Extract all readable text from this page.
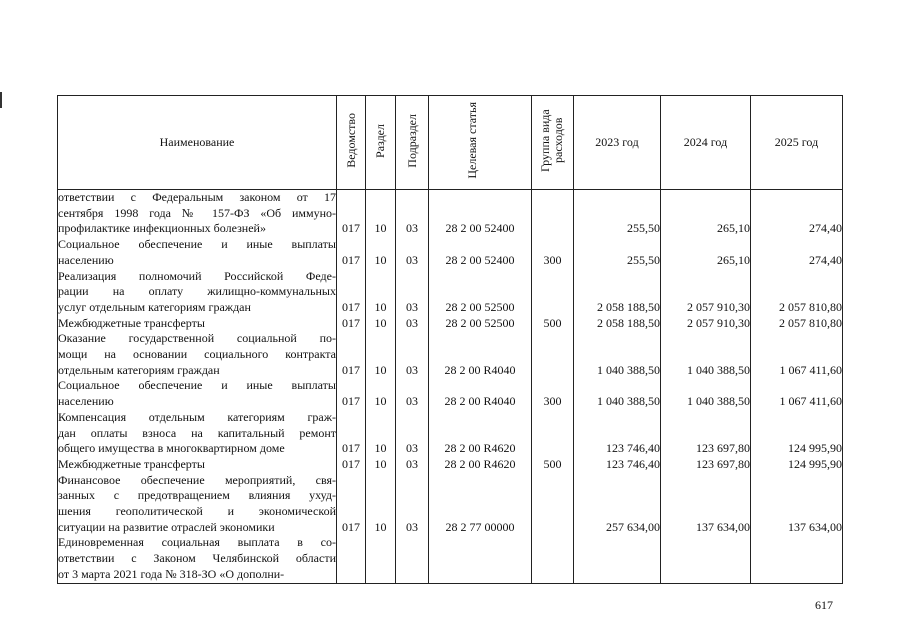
Наименование	Ведомство	Раздел	Подраздел	Целевая статья	Группа вида расходов	2023 год	2024 год	2025 год

ответствии с Федеральным законом от 17
сентября 1998 года № 157-ФЗ «Об иммуно-
профилактике инфекционных болезней»	017	10	03	28 2 00 52400		255,50	265,10	274,40

Социальное обеспечение и иные выплаты
населению	017	10	03	28 2 00 52400	300	255,50	265,10	274,40

Реализация полномочий Российской Феде-
рации на оплату жилищно-коммунальных
услуг отдельным категориям граждан	017	10	03	28 2 00 52500		2 058 188,50	2 057 910,30	2 057 810,80

Межбюджетные трансферты	017	10	03	28 2 00 52500	500	2 058 188,50	2 057 910,30	2 057 810,80

Оказание государственной социальной по-
мощи на основании социального контракта
отдельным категориям граждан	017	10	03	28 2 00 R4040		1 040 388,50	1 040 388,50	1 067 411,60

Социальное обеспечение и иные выплаты
населению	017	10	03	28 2 00 R4040	300	1 040 388,50	1 040 388,50	1 067 411,60

Компенсация отдельным категориям граж-
дан оплаты взноса на капитальный ремонт
общего имущества в многоквартирном доме	017	10	03	28 2 00 R4620		123 746,40	123 697,80	124 995,90

Межбюджетные трансферты	017	10	03	28 2 00 R4620	500	123 746,40	123 697,80	124 995,90

Финансовое обеспечение мероприятий, свя-
занных с предотвращением влияния ухуд-
шения геополитической и экономической
ситуации на развитие отраслей экономики	017	10	03	28 2 77 00000		257 634,00	137 634,00	137 634,00

Единовременная социальная выплата в со-
ответствии с Законом Челябинской области
от 3 марта 2021 года № 318-ЗО «О дополни-								

617
